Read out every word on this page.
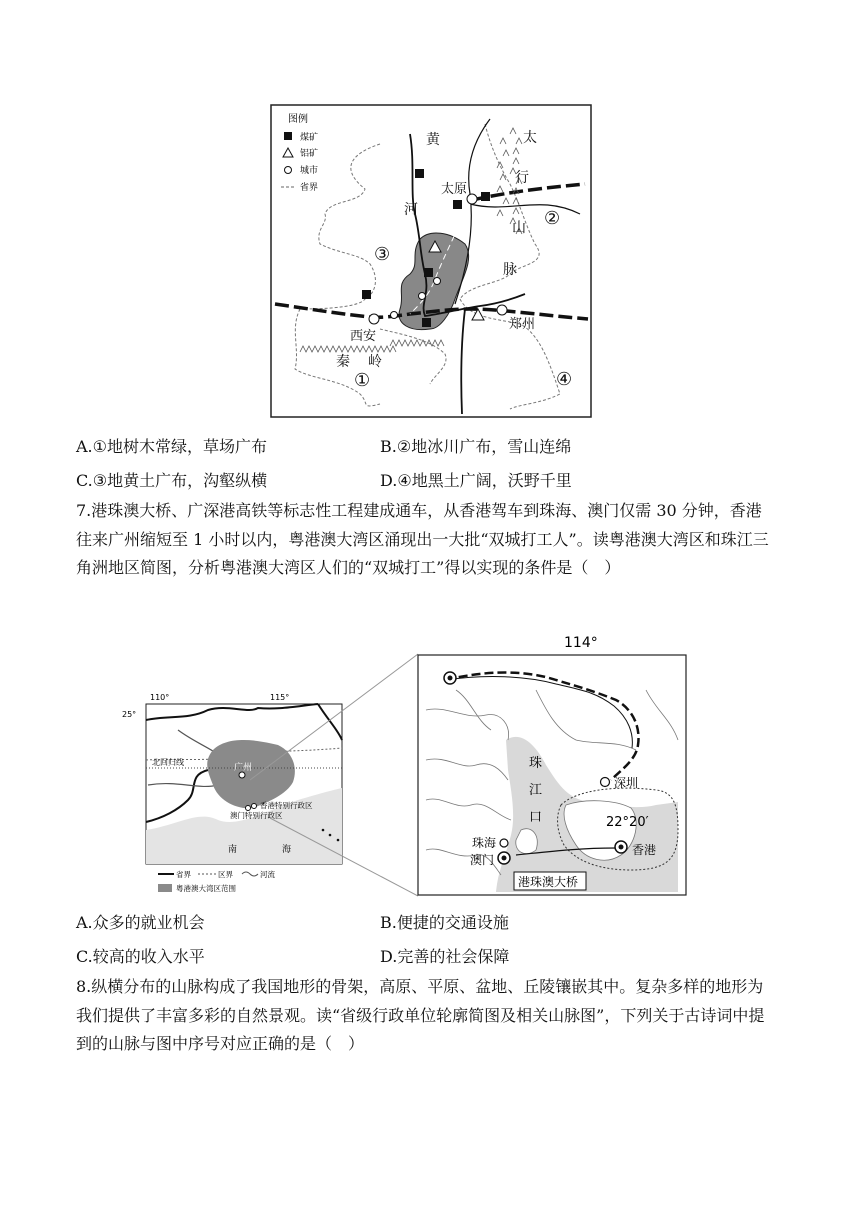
图例
煤矿
铝矿
城市
省界
黄
河
太
行
山
脉
太原
西安
郑州
秦 岭
①
②
③
④
A.①地树木常绿，草场广布	B.②地冰川广布，雪山连绵
C.③地黄土广布，沟壑纵横	D.④地黑土广阔，沃野千里
7.港珠澳大桥、广深港高铁等标志性工程建成通车，从香港驾车到珠海、澳门仅需 30 分钟，香港往来广州缩短至 1 小时以内，粤港澳大湾区涌现出一大批“双城打工人”。读粤港澳大湾区和珠江三角洲地区简图，分析粤港澳大湾区人们的“双城打工”得以实现的条件是（　）
110°	115°
25°
北回归线
广州
香港特别行政区
澳门特别行政区
南	海
省界	区界	河流
粤港澳大湾区范围
114°
深圳
珠海
澳门
香港
珠
江
口	22°20′
港珠澳大桥
A.众多的就业机会	B.便捷的交通设施
C.较高的收入水平	D.完善的社会保障
8.纵横分布的山脉构成了我国地形的骨架，高原、平原、盆地、丘陵镶嵌其中。复杂多样的地形为我们提供了丰富多彩的自然景观。读“省级行政单位轮廓简图及相关山脉图”，下列关于古诗词中提到的山脉与图中序号对应正确的是（　）
